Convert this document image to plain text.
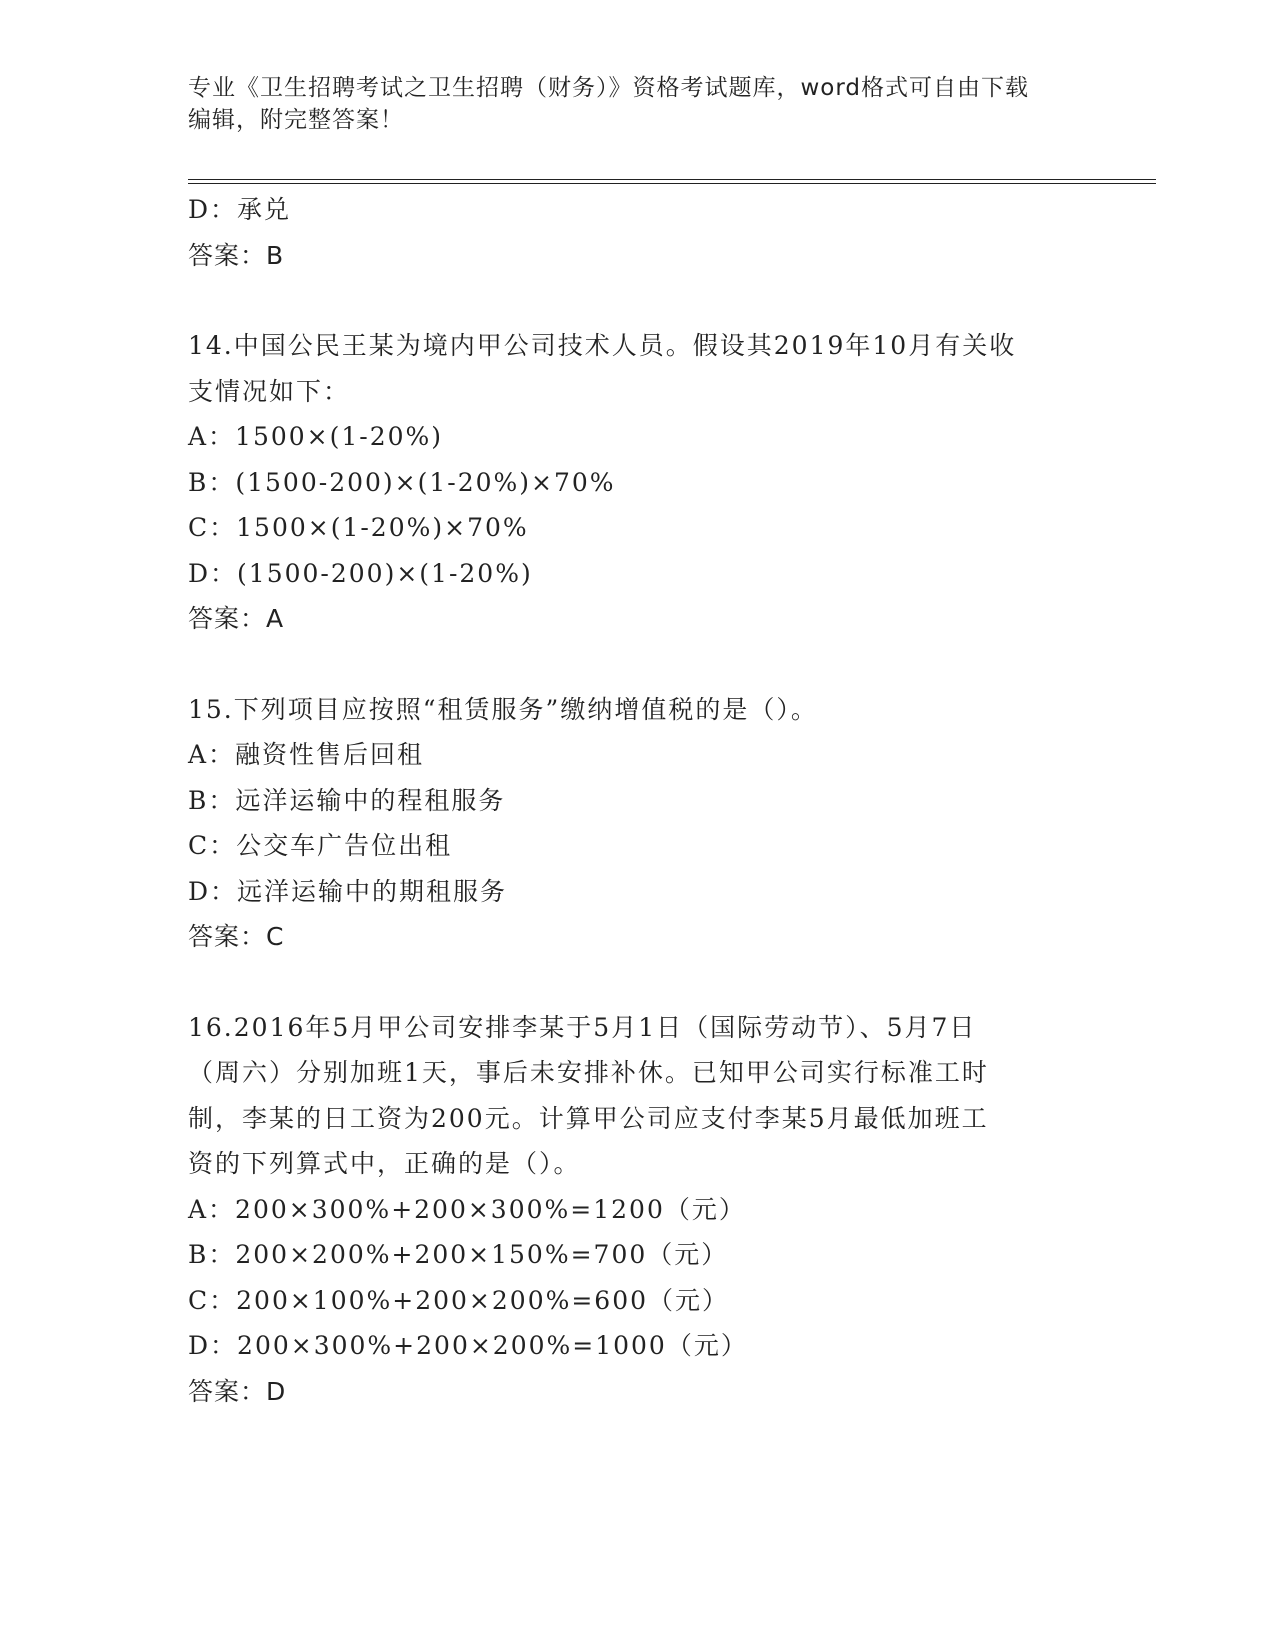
专业《卫生招聘考试之卫生招聘（财务）》资格考试题库，word格式可自由下载
编辑，附完整答案！
D：承兑
答案：B
14.中国公民王某为境内甲公司技术人员。假设其2019年10月有关收
支情况如下：
A：1500×(1-20%)
B：(1500-200)×(1-20%)×70%
C：1500×(1-20%)×70%
D：(1500-200)×(1-20%)
答案：A
15.下列项目应按照“租赁服务”缴纳增值税的是（）。
A：融资性售后回租
B：远洋运输中的程租服务
C：公交车广告位出租
D：远洋运输中的期租服务
答案：C
16.2016年5月甲公司安排李某于5月1日（国际劳动节）、5月7日
（周六）分别加班1天，事后未安排补休。已知甲公司实行标准工时
制，李某的日工资为200元。计算甲公司应支付李某5月最低加班工
资的下列算式中，正确的是（）。
A：200×300%+200×300%=1200（元）
B：200×200%+200×150%=700（元）
C：200×100%+200×200%=600（元）
D：200×300%+200×200%=1000（元）
答案：D
